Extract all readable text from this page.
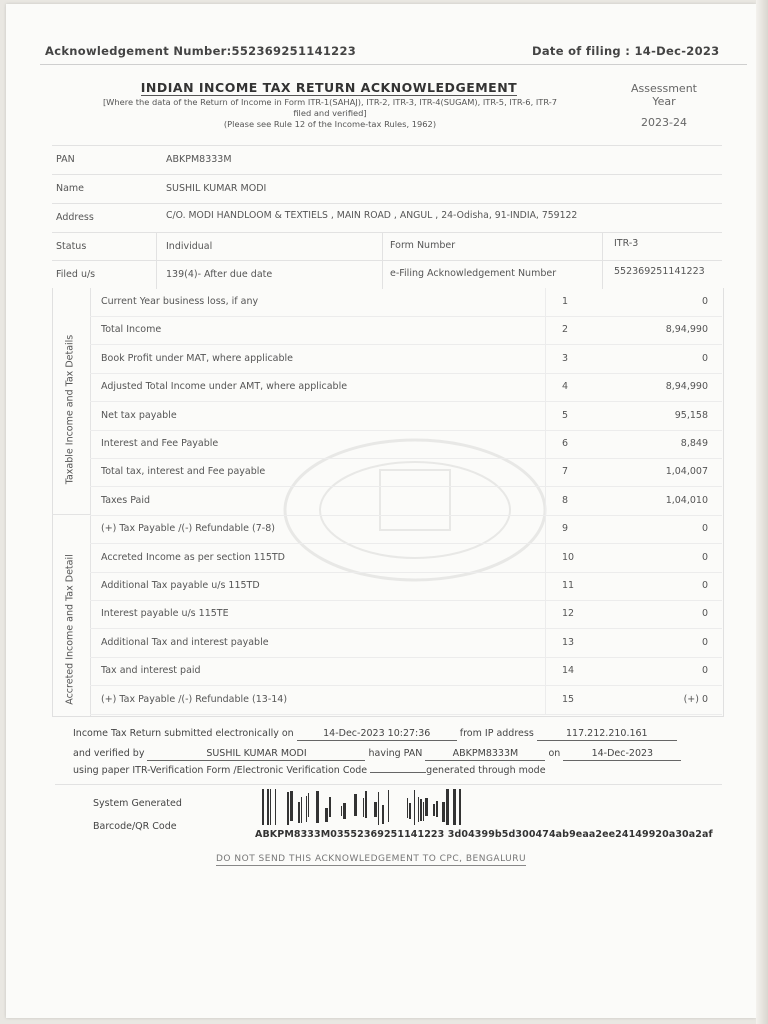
Acknowledgement Number:552369251141223	Date of filing : 14-Dec-2023
INDIAN INCOME TAX RETURN ACKNOWLEDGEMENT
[Where the data of the Return of Income in Form ITR-1(SAHAJ), ITR-2, ITR-3, ITR-4(SUGAM), ITR-5, ITR-6, ITR-7
filed and verified]
(Please see Rule 12 of the Income-tax Rules, 1962)
Assessment
Year
2023-24
PAN	ABKPM8333M
Name	SUSHIL KUMAR MODI
Address	C/O. MODI HANDLOOM & TEXTIELS , MAIN ROAD , ANGUL , 24-Odisha, 91-INDIA, 759122
Status	Individual	Form Number	ITR-3
Filed u/s	139(4)- After due date	e-Filing Acknowledgement Number	552369251141223
Taxable Income and Tax Details
Accreted Income and Tax Detail
Current Year business loss, if any	1	0
Total Income	2	8,94,990
Book Profit under MAT, where applicable	3	0
Adjusted Total Income under AMT, where applicable	4	8,94,990
Net tax payable	5	95,158
Interest and Fee Payable	6	8,849
Total tax, interest and Fee payable	7	1,04,007
Taxes Paid	8	1,04,010
(+) Tax Payable /(-) Refundable (7-8)	9	0
Accreted Income as per section 115TD	10	0
Additional Tax payable u/s 115TD	11	0
Interest payable u/s 115TE	12	0
Additional Tax and interest payable	13	0
Tax and interest paid	14	0
(+) Tax Payable /(-) Refundable (13-14)	15	(+) 0
Income Tax Return submitted electronically on	14-Dec-2023 10:27:36	from IP address	117.212.210.161
and verified by	SUSHIL KUMAR MODI	having PAN	ABKPM8333M	on	14-Dec-2023
using paper ITR-Verification Form /Electronic Verification Code	generated through mode
System Generated
Barcode/QR Code
ABKPM8333M03552369251141223 3d04399b5d300474ab9eaa2ee24149920a30a2af
DO NOT SEND THIS ACKNOWLEDGEMENT TO CPC, BENGALURU
